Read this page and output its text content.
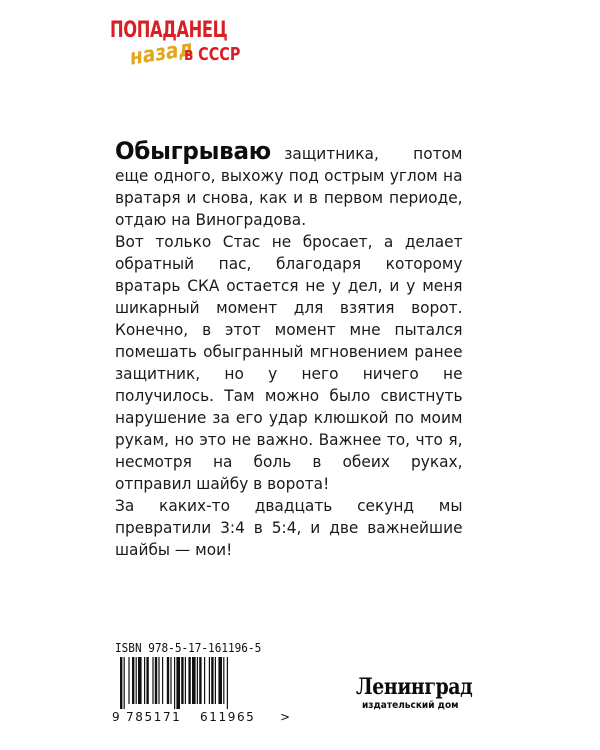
ПОПАДАНЕЦ
назад
в СССР

Обыгрываю защитника, потом еще одного, выхожу под острым углом на вратаря и снова, как и в первом периоде, отдаю на Виноградова.

Вот только Стас не бросает, а делает обратный пас, благодаря которому вратарь СКА остается не у дел, и у меня шикарный момент для взятия ворот. Конечно, в этот момент мне пытался помешать обыгранный мгновением ранее защитник, но у него ничего не получилось. Там можно было свистнуть нарушение за его удар клюшкой по моим рукам, но это не важно. Важнее то, что я, несмотря на боль в обеих руках, отправил шайбу в ворота!

За каких-то двадцать секунд мы превратили 3:4 в 5:4, и две важнейшие шайбы — мои!

ISBN 978-5-17-161196-5
9 785171 611965 >
Ленинград
издательский дом
